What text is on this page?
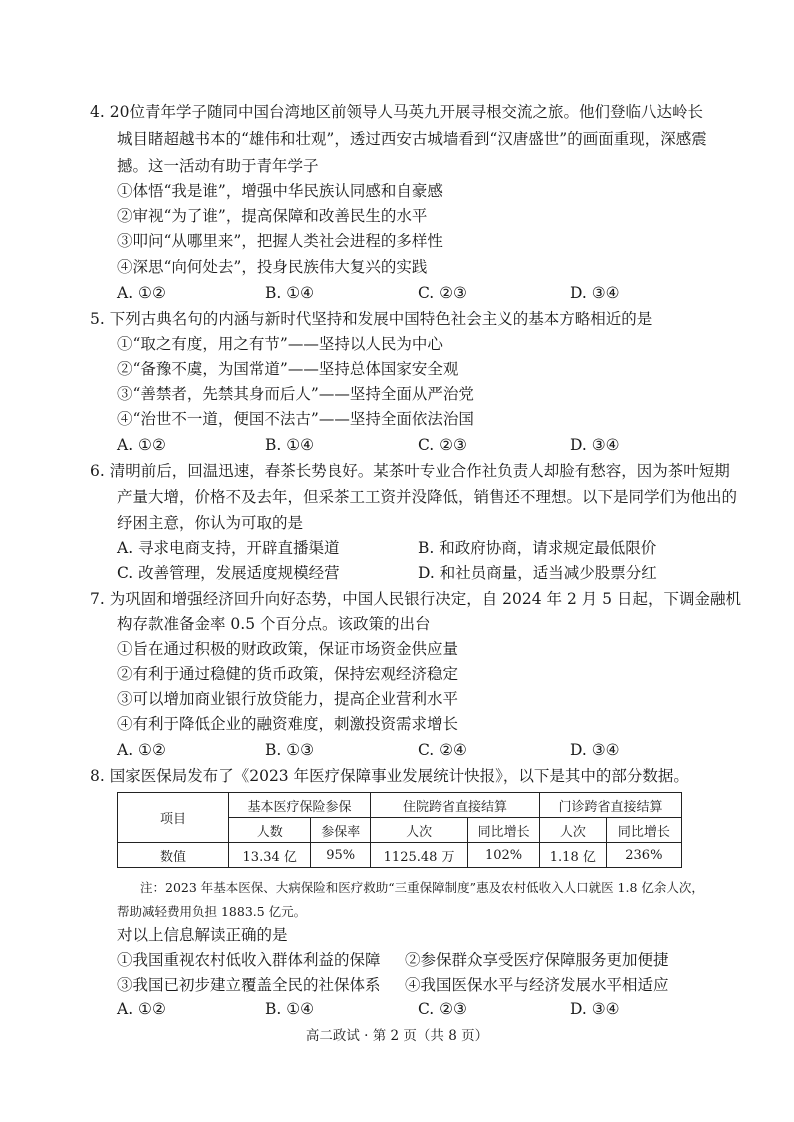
4. 20位青年学子随同中国台湾地区前领导人马英九开展寻根交流之旅。他们登临八达岭长
城目睹超越书本的“雄伟和壮观”，透过西安古城墙看到“汉唐盛世”的画面重现，深感震
撼。这一活动有助于青年学子
①体悟“我是谁”，增强中华民族认同感和自豪感
②审视“为了谁”，提高保障和改善民生的水平
③叩问“从哪里来”，把握人类社会进程的多样性
④深思“向何处去”，投身民族伟大复兴的实践
A. ①②	B. ①④	C. ②③	D. ③④
5. 下列古典名句的内涵与新时代坚持和发展中国特色社会主义的基本方略相近的是
①“取之有度，用之有节”——坚持以人民为中心
②“备豫不虞，为国常道”——坚持总体国家安全观
③“善禁者，先禁其身而后人”——坚持全面从严治党
④“治世不一道，便国不法古”——坚持全面依法治国
A. ①②	B. ①④	C. ②③	D. ③④
6. 清明前后，回温迅速，春茶长势良好。某茶叶专业合作社负责人却脸有愁容，因为茶叶短期
产量大增，价格不及去年，但采茶工工资并没降低，销售还不理想。以下是同学们为他出的
纾困主意，你认为可取的是
A. 寻求电商支持，开辟直播渠道	B. 和政府协商，请求规定最低限价
C. 改善管理，发展适度规模经营	D. 和社员商量，适当减少股票分红
7. 为巩固和增强经济回升向好态势，中国人民银行决定，自 2024 年 2 月 5 日起，下调金融机
构存款准备金率 0.5 个百分点。该政策的出台
①旨在通过积极的财政政策，保证市场资金供应量
②有利于通过稳健的货币政策，保持宏观经济稳定
③可以增加商业银行放贷能力，提高企业营利水平
④有利于降低企业的融资难度，刺激投资需求增长
A. ①②	B. ①③	C. ②④	D. ③④
8. 国家医保局发布了《2023 年医疗保障事业发展统计快报》，以下是其中的部分数据。
项目	基本医疗保险参保		住院跨省直接结算		门诊跨省直接结算	
	人数	参保率	人次	同比增长	人次	同比增长
数值	13.34 亿	95%	1125.48 万	102%	1.18 亿	236%
注：2023 年基本医保、大病保险和医疗救助“三重保障制度”惠及农村低收入人口就医 1.8 亿余人次，
帮助减轻费用负担 1883.5 亿元。
对以上信息解读正确的是
①我国重视农村低收入群体利益的保障 ②参保群众享受医疗保障服务更加便捷
③我国已初步建立覆盖全民的社保体系 ④我国医保水平与经济发展水平相适应
A. ①②	B. ①④	C. ②③	D. ③④
高二政试 · 第 2 页（共 8 页）
